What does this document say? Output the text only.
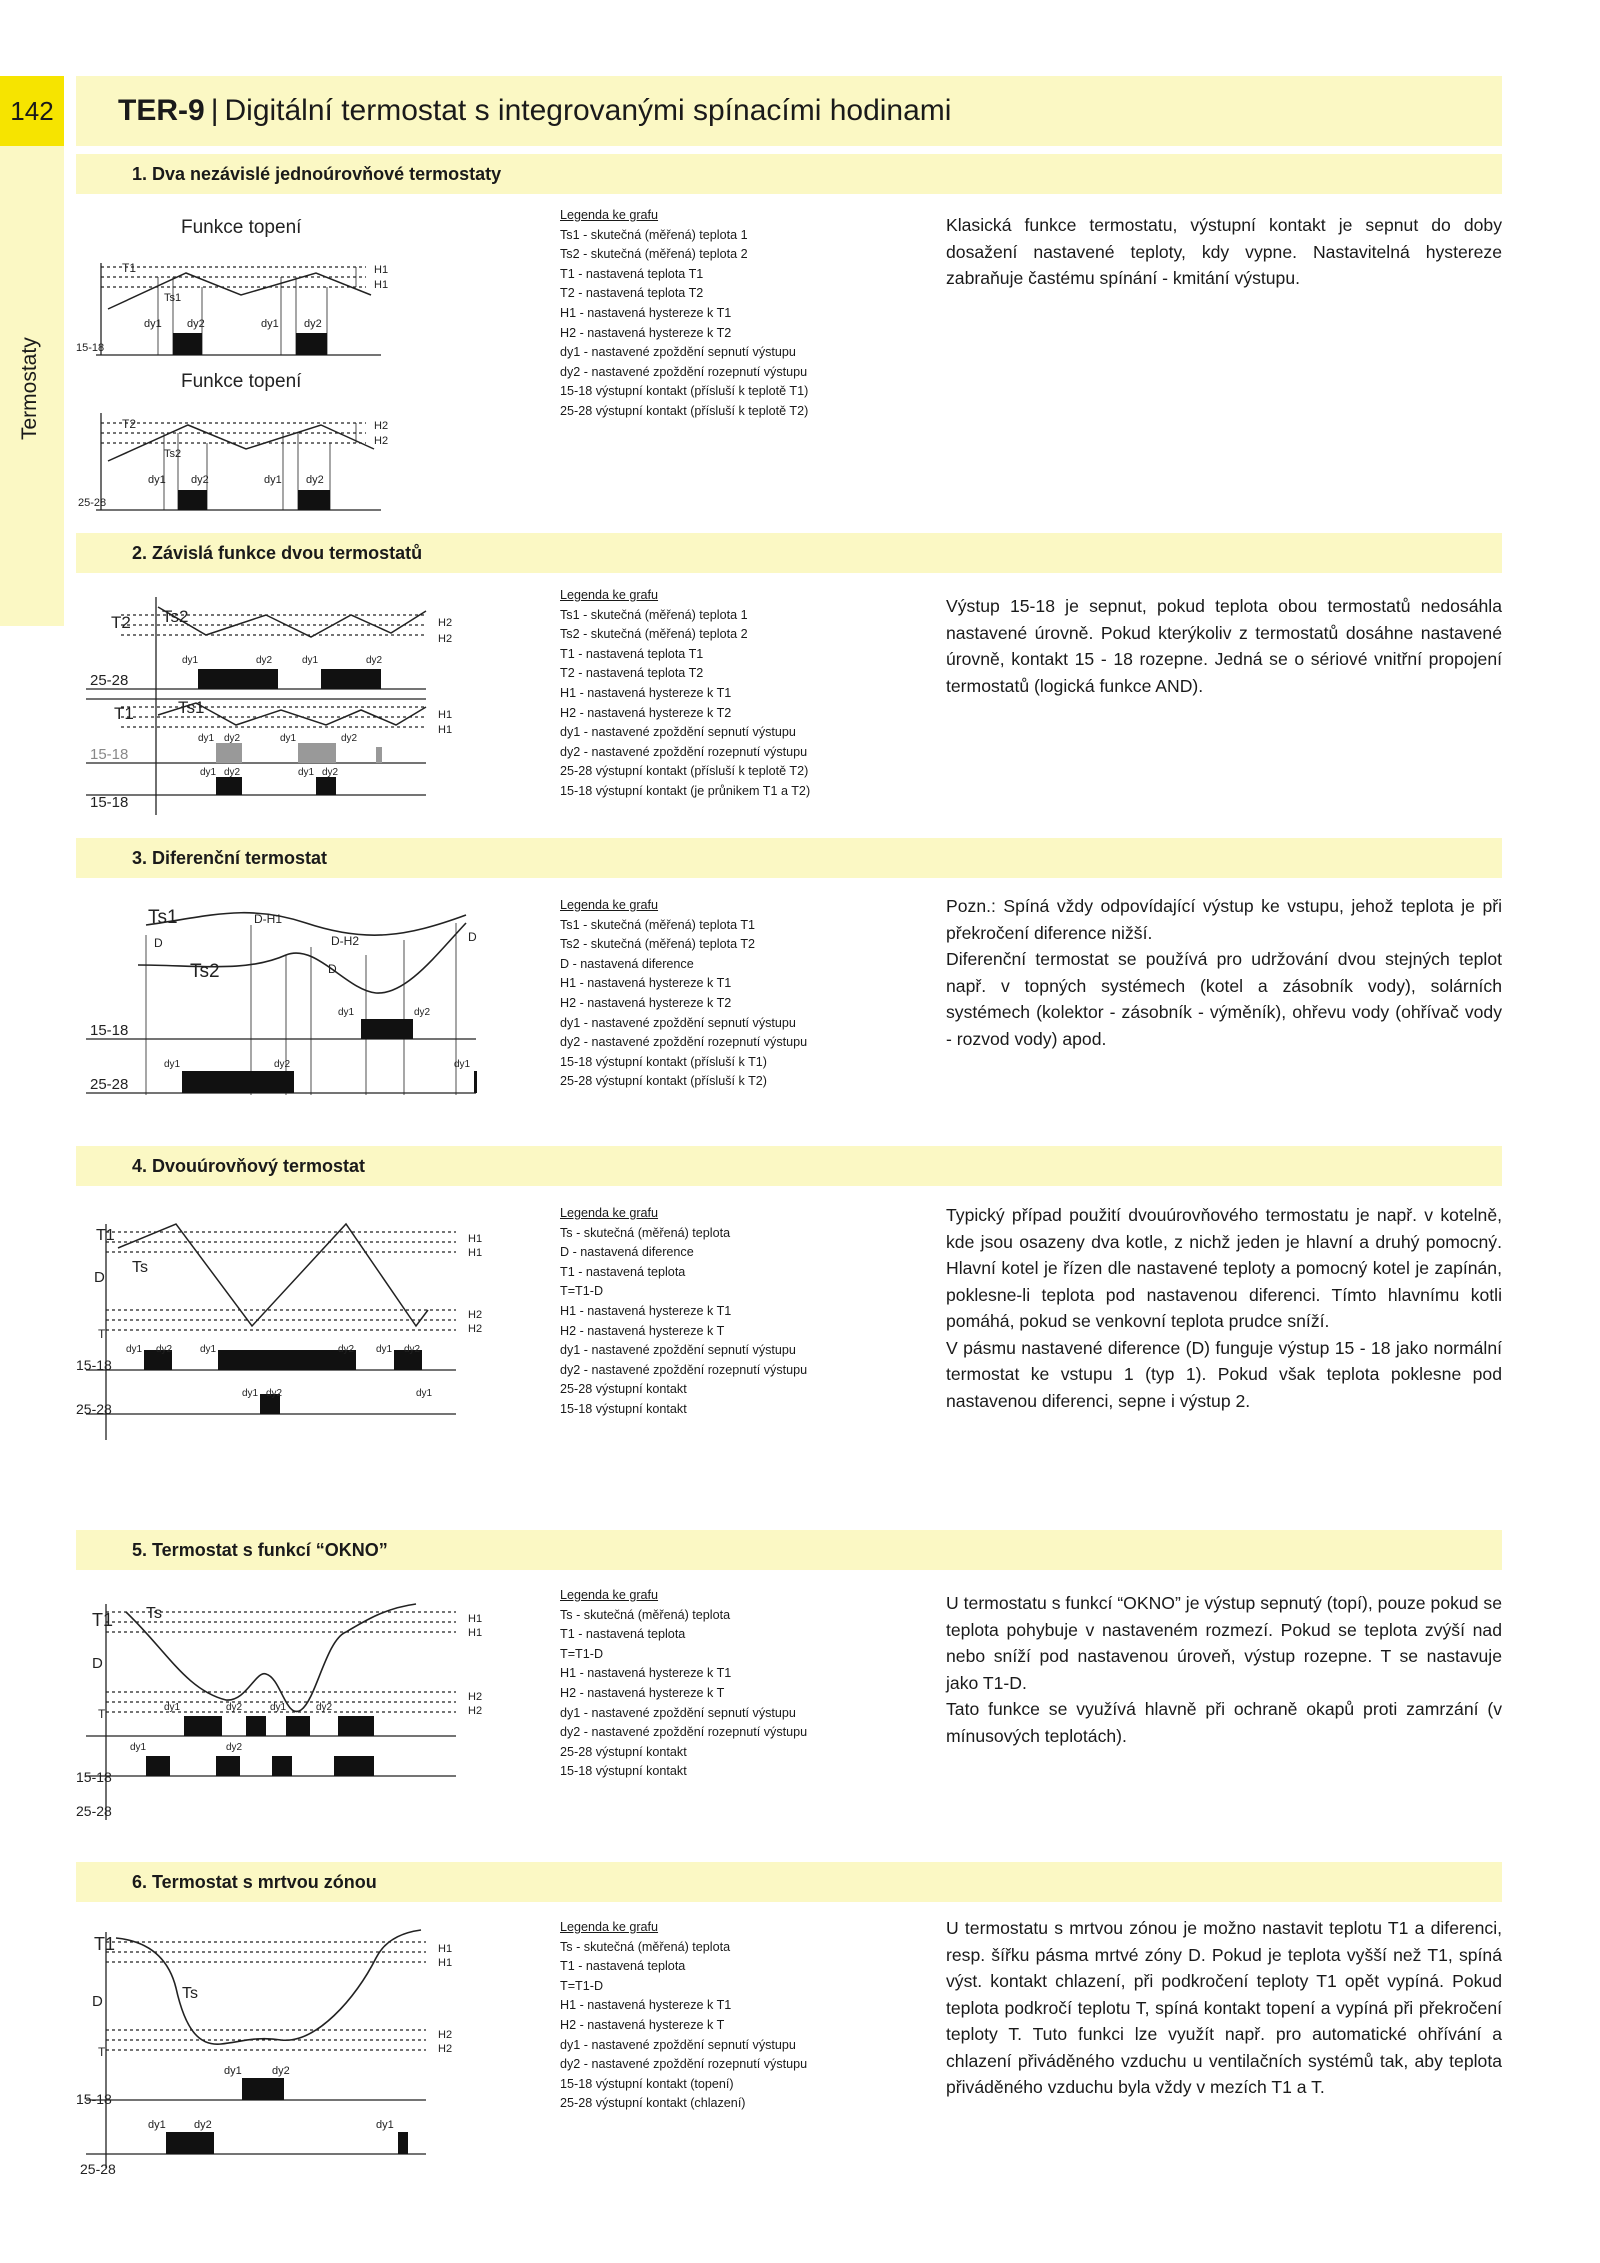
142
Termostaty
TER-9 | Digitální termostat s integrovanými spínacími hodinami
1. Dva nezávislé jednoúrovňové termostaty
Funkce topení
T1
Ts1
H1
H1
dy1 dy2	dy1 dy2
15-18
Funkce topení
T2
Ts2
H2
H2
dy1 dy2	dy1 dy2
25-28
Legenda ke grafu
Ts1 - skutečná (měřená) teplota 1
Ts2 - skutečná (měřená) teplota 2
T1 - nastavená teplota T1
T2 - nastavená teplota T2
H1 - nastavená hystereze k T1
H2 - nastavená hystereze k T2
dy1 - nastavené zpoždění sepnutí výstupu
dy2 - nastavené zpoždění rozepnutí výstupu
15-18 výstupní kontakt (přísluší k teplotě T1)
25-28 výstupní kontakt (přísluší k teplotě T2)

Klasická funkce termostatu, výstupní kontakt je sepnut do doby dosažení nastavené teploty, kdy vypne. Nastavitelná hystereze zabraňuje častému spínání - kmitání výstupu.

2. Závislá funkce dvou termostatů
T2 Ts2	H2
H2
25-28
T1	Ts1	H1
H1
15-18
15-18
dy1	dy2	dy1	dy2
dy1 dy2	dy1	dy2
dy1 dy2	dy1 dy2
Legenda ke grafu
Ts1 - skutečná (měřená) teplota 1
Ts2 - skutečná (měřená) teplota 2
T1 - nastavená teplota T1
T2 - nastavená teplota T2
H1 - nastavená hystereze k T1
H2 - nastavená hystereze k T2
dy1 - nastavené zpoždění sepnutí výstupu
dy2 - nastavené zpoždění rozepnutí výstupu
25-28 výstupní kontakt (přísluší k teplotě T2)
15-18 výstupní kontakt (je průnikem T1 a T2)

Výstup 15-18 je sepnut, pokud teplota obou termostatů nedosáhla nastavené úrovně. Pokud kterýkoliv z termostatů dosáhne nastavené úrovně, kontakt 15 - 18 rozepne. Jedná se o sériové vnitřní propojení termostatů (logická funkce AND).

3. Diferenční termostat
Ts1
D
Ts2
D-H1
D-H2
D
D
dy1	dy2
dy1	dy2	dy1
15-18
25-28
Legenda ke grafu
Ts1 - skutečná (měřená) teplota T1
Ts2 - skutečná (měřená) teplota T2
D - nastavená diference
H1 - nastavená hystereze k T1
H2 - nastavená hystereze k T2
dy1 - nastavené zpoždění sepnutí výstupu
dy2 - nastavené zpoždění rozepnutí výstupu
15-18 výstupní kontakt (přísluší k T1)
25-28 výstupní kontakt (přísluší k T2)

Pozn.: Spíná vždy odpovídající výstup ke vstupu, jehož teplota je při překročení diference nižší.

Diferenční termostat se používá pro udržování dvou stejných teplot např. v topných systémech (kotel a zásobník vody), solárních systémech (kolektor - zásobník - výměník), ohřevu vody (ohřívač vody - rozvod vody) apod.

4. Dvouúrovňový termostat
T1
Ts
D
T
H1
H1
H2
H2
dy1 dy2	dy1	dy2 dy1 dy2
dy1 dy2	dy1
15-18
25-28
Legenda ke grafu
Ts - skutečná (měřená) teplota
D - nastavená diference
T1 - nastavená teplota
T=T1-D
H1 - nastavená hystereze k T1
H2 - nastavená hystereze k T
dy1 - nastavené zpoždění sepnutí výstupu
dy2 - nastavené zpoždění rozepnutí výstupu
25-28 výstupní kontakt
15-18 výstupní kontakt

Typický případ použití dvouúrovňového termostatu je např. v kotelně, kde jsou osazeny dva kotle, z nichž jeden je hlavní a druhý pomocný. Hlavní kotel je řízen dle nastavené teploty a pomocný kotel je zapínán, poklesne-li teplota pod nastavenou diferenci. Tímto hlavnímu kotli pomáhá, pokud se venkovní teplota prudce sníží.

V pásmu nastavené diference (D) funguje výstup 15 - 18 jako normální termostat ke vstupu 1 (typ 1). Pokud však teplota poklesne pod nastavenou diferenci, sepne i výstup 2.

5. Termostat s funkcí “OKNO”
T1 Ts
D
T
H1
H1
H2
H2
dy1	dy2	dy1	dy2
dy1	dy2
15-18
25-28
Legenda ke grafu
Ts - skutečná (měřená) teplota
T1 - nastavená teplota
T=T1-D
H1 - nastavená hystereze k T1
H2 - nastavená hystereze k T
dy1 - nastavené zpoždění sepnutí výstupu
dy2 - nastavené zpoždění rozepnutí výstupu
25-28 výstupní kontakt
15-18 výstupní kontakt

U termostatu s funkcí “OKNO” je výstup sepnutý (topí), pouze pokud se teplota pohybuje v nastaveném rozmezí. Pokud se teplota zvýší nad nebo sníží pod nastavenou úroveň, výstup rozepne. T se nastavuje jako T1-D.

Tato funkce se využívá hlavně při ochraně okapů proti zamrzání (v mínusových teplotách).

6. Termostat s mrtvou zónou
T1
Ts
D
T
H1
H1
H2
H2
dy1	dy2
dy1	dy2	dy1
15-18
25-28
Legenda ke grafu
Ts - skutečná (měřená) teplota
T1 - nastavená teplota
T=T1-D
H1 - nastavená hystereze k T1
H2 - nastavená hystereze k T
dy1 - nastavené zpoždění sepnutí výstupu
dy2 - nastavené zpoždění rozepnutí výstupu
15-18 výstupní kontakt (topení)
25-28 výstupní kontakt (chlazení)

U termostatu s mrtvou zónou je možno nastavit teplotu T1 a diferenci, resp. šířku pásma mrtvé zóny D. Pokud je teplota vyšší než T1, spíná výst. kontakt chlazení, při podkročení teploty T1 opět vypíná. Pokud teplota podkročí teplotu T, spíná kontakt topení a vypíná při překročení teploty T. Tuto funkci lze využít např. pro automatické ohřívání a chlazení přiváděného vzduchu u ventilačních systémů tak, aby teplota přiváděného vzduchu byla vždy v mezích T1 a T.
